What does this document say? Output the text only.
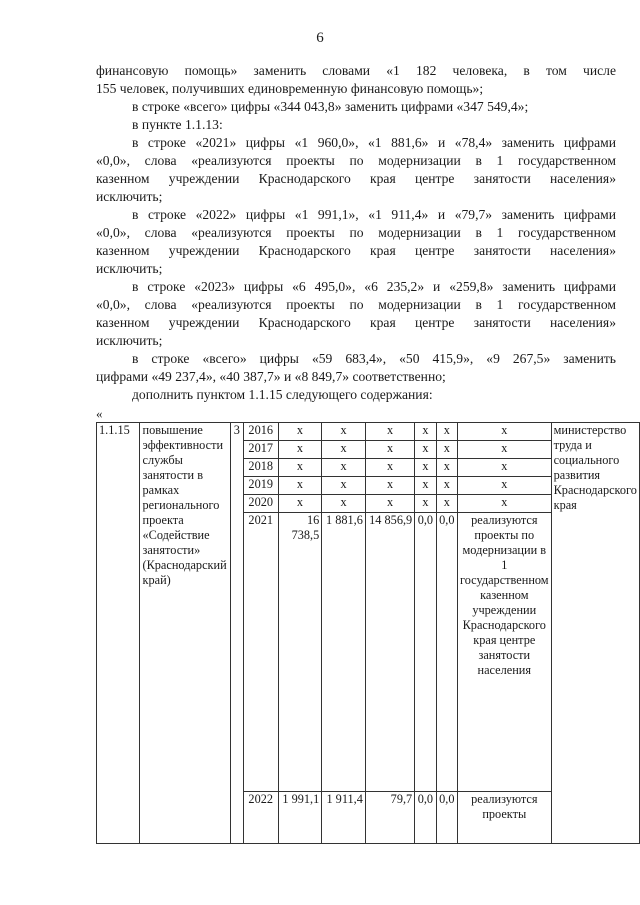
6
финансовую помощь» заменить словами «1 182 человека, в том числе
155 человек, получивших единовременную финансовую помощь»;
в строке «всего» цифры «344 043,8» заменить цифрами «347 549,4»;
в пункте 1.1.13:
в строке «2021» цифры «1 960,0», «1 881,6» и «78,4» заменить цифрами
«0,0», слова «реализуются проекты по модернизации в 1 государственном
казенном учреждении Краснодарского края центре занятости населения»
исключить;
в строке «2022» цифры «1 991,1», «1 911,4» и «79,7» заменить цифрами
«0,0», слова «реализуются проекты по модернизации в 1 государственном
казенном учреждении Краснодарского края центре занятости населения»
исключить;
в строке «2023» цифры «6 495,0», «6 235,2» и «259,8» заменить цифрами
«0,0», слова «реализуются проекты по модернизации в 1 государственном
казенном учреждении Краснодарского края центре занятости населения»
исключить;
в строке «всего» цифры «59 683,4», «50 415,9», «9 267,5» заменить
цифрами «49 237,4», «40 387,7» и «8 849,7» соответственно;
дополнить пунктом 1.1.15 следующего содержания:
«
1.1.15	повышение эффективности службы занятости в рамках регионального проекта «Содействие занятости» (Краснодарский край)	3	2016	х	х	х	х	х	х	министерство труда и социального развития Краснодарского края
			2017	х	х	х	х	х	х	
			2018	х	х	х	х	х	х	
			2019	х	х	х	х	х	х	
			2020	х	х	х	х	х	х	
			2021	16 738,5	1 881,6	14 856,9	0,0	0,0	реализуются проекты по модернизации в 1 государственном казенном учреждении Краснодарского края центре занятости населения	
			2022	1 991,1	1 911,4	79,7	0,0	0,0	реализуются проекты	
